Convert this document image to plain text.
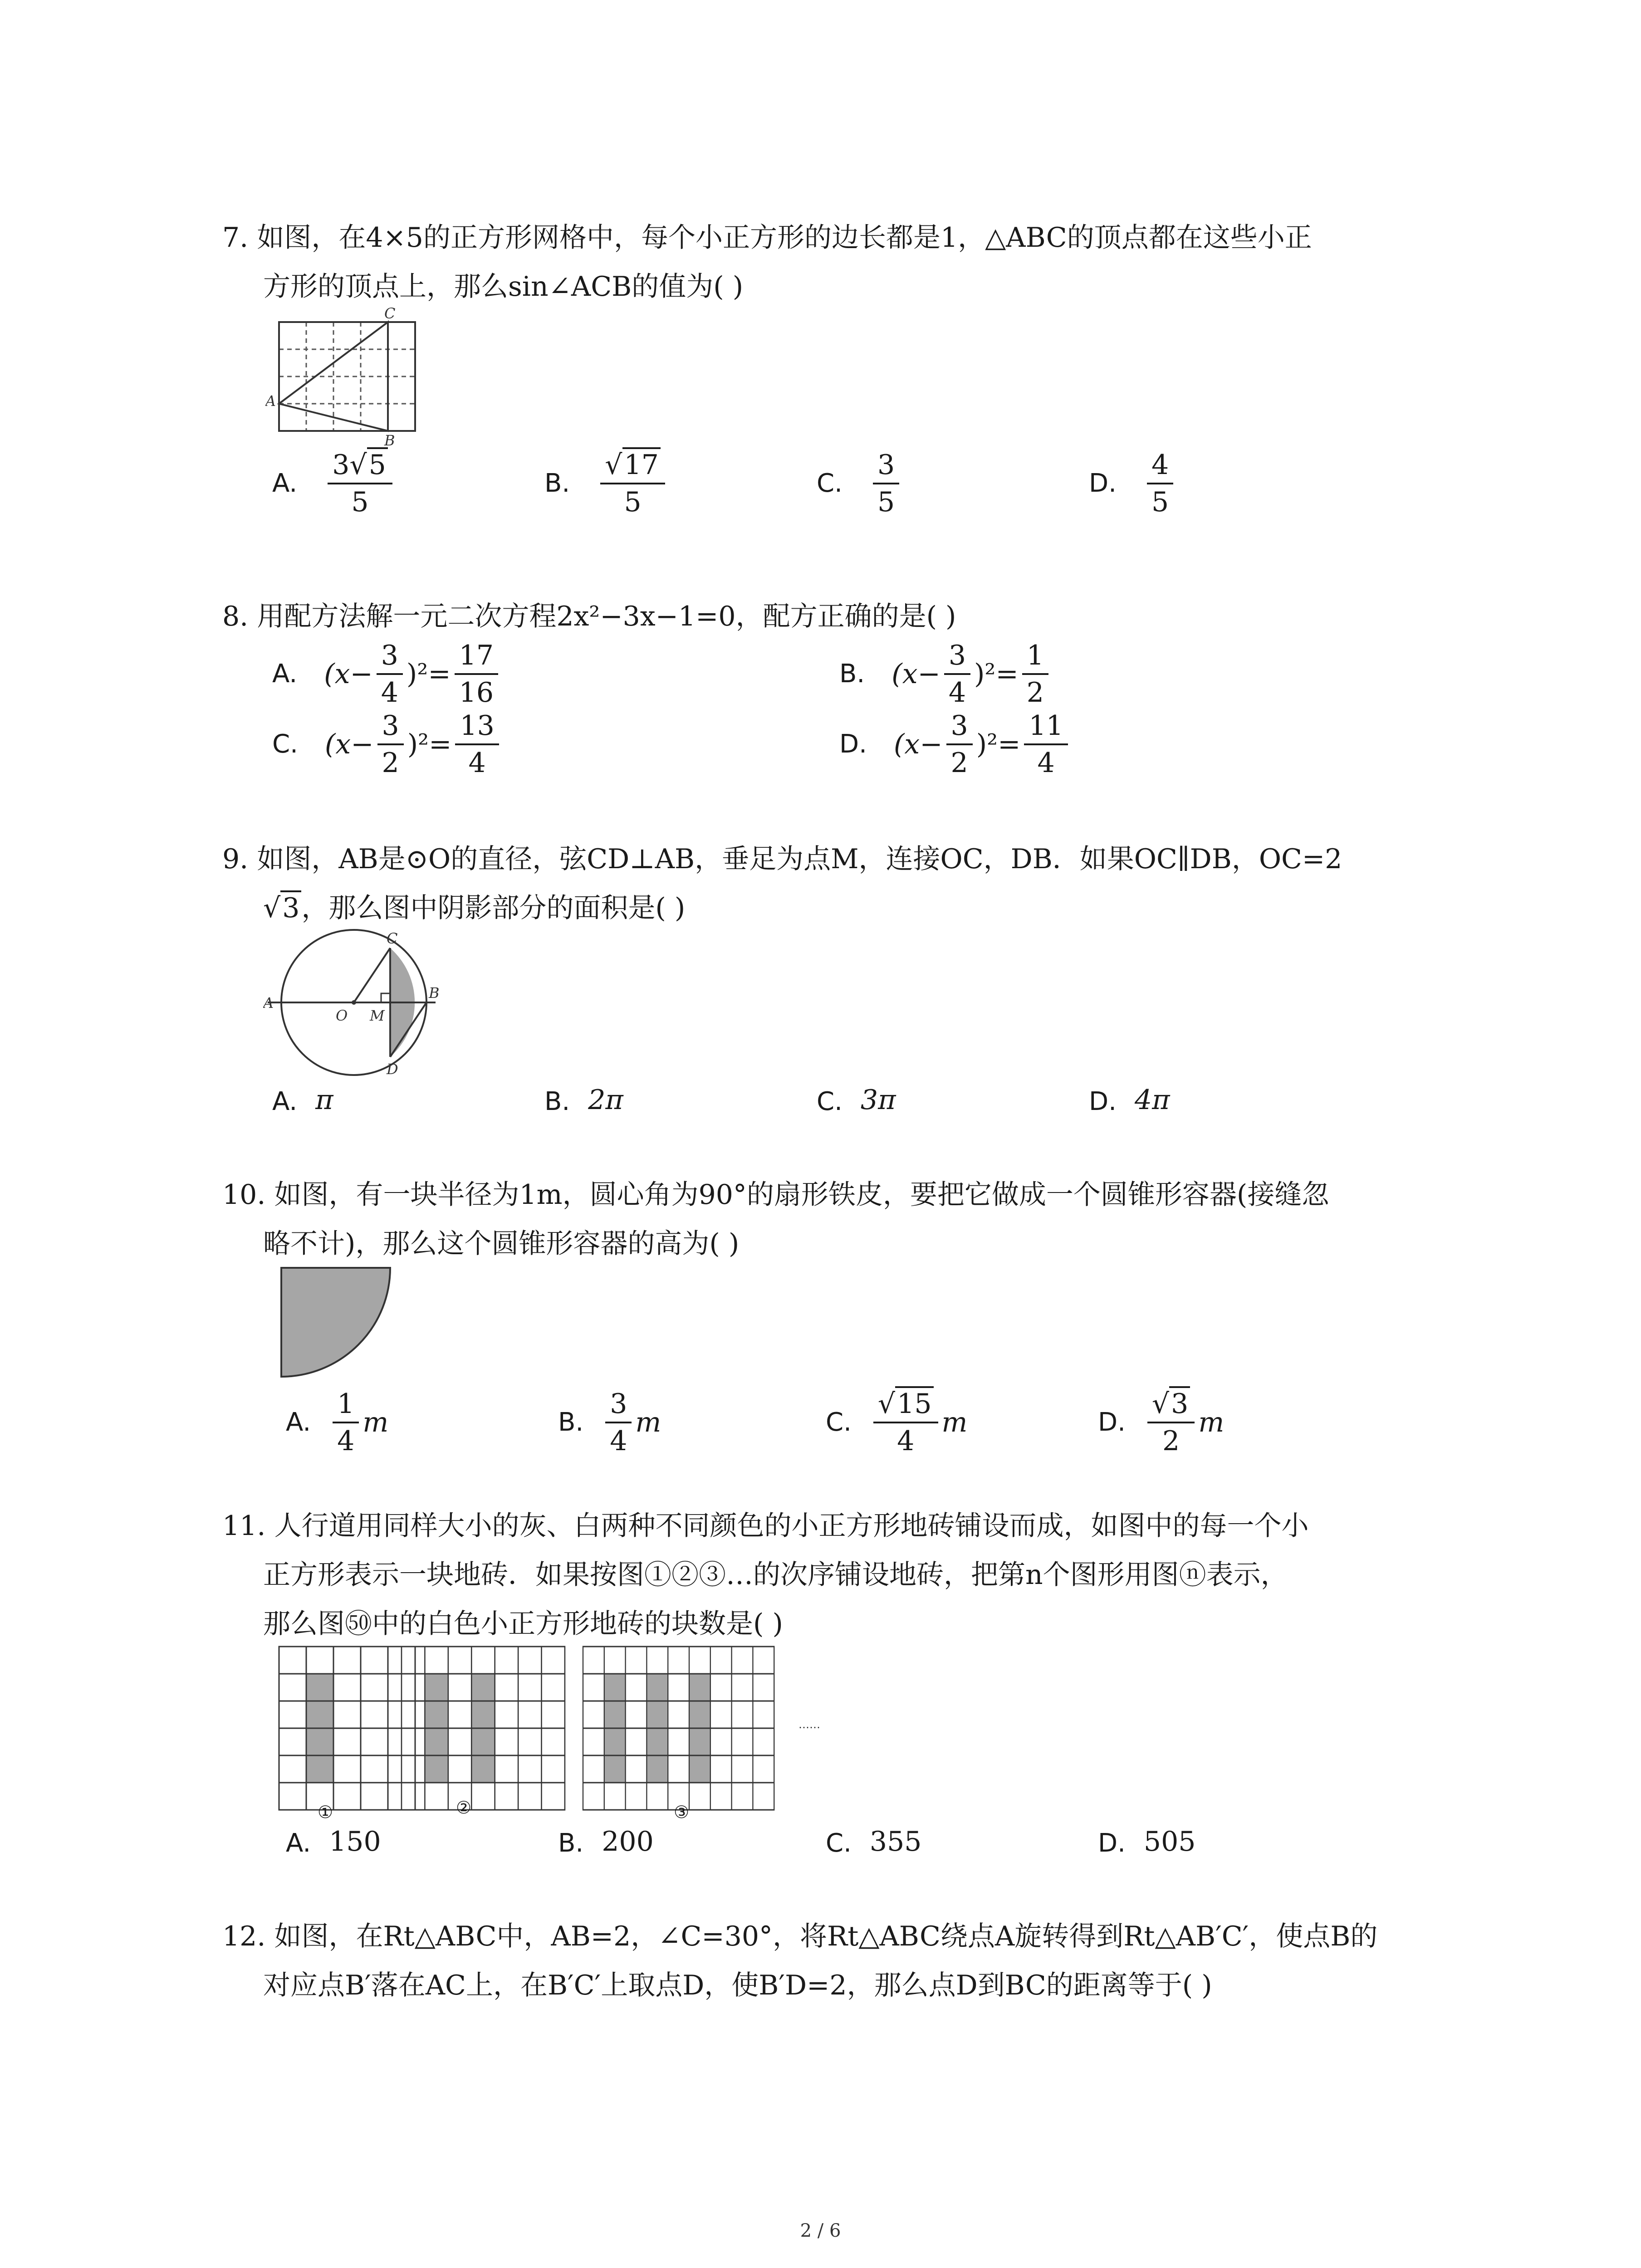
7. 如图，在4×5的正方形网格中，每个小正方形的边长都是1，△ABC的顶点都在这些小正
方形的顶点上，那么sin∠ACB的值为( )
A
B
C
A. $\frac{3√5}{5}$	B. $\frac{√17}{5}$	C. $\frac{3}{5}$	D. $\frac{4}{5}$
8. 用配方法解一元二次方程2x²−3x−1=0，配方正确的是( )
A. $(x- \frac{3}{4} )^2= \frac{17}{16}$	B. $(x- \frac{3}{4} )^2= \frac{1}{2}$
C. $(x- \frac{3}{2} )^2= \frac{13}{4}$	D. $(x- \frac{3}{2} )^2= \frac{11}{4}$
9. 如图，AB是⊙O的直径，弦CD⊥AB，垂足为点M，连接OC，DB．如果OC∥DB，OC=2
√3，那么图中阴影部分的面积是( )
A
O M
B
C
D
A. π	B. 2π	C. 3π	D. 4π
10. 如图，有一块半径为1m，圆心角为90°的扇形铁皮，要把它做成一个圆锥形容器(接缝忽
略不计)，那么这个圆锥形容器的高为( )
A. $\frac{1}{4}$ m	B. $\frac{3}{4}$ m	C. $\frac{√15}{4}$ m	D. $\frac{√3}{2}$ m
11. 人行道用同样大小的灰、白两种不同颜色的小正方形地砖铺设而成，如图中的每一个小
正方形表示一块地砖．如果按图①②③…的次序铺设地砖，把第n个图形用图ⓝ表示，
那么图㊿中的白色小正方形地砖的块数是( )
……
①	②	③
A. 150	B. 200	C. 355	D. 505
12. 如图，在Rt△ABC中，AB=2，∠C=30°，将Rt△ABC绕点A旋转得到Rt△AB′C′，使点B的
对应点B′落在AC上，在B′C′上取点D，使B′D=2，那么点D到BC的距离等于( )
2 / 6
